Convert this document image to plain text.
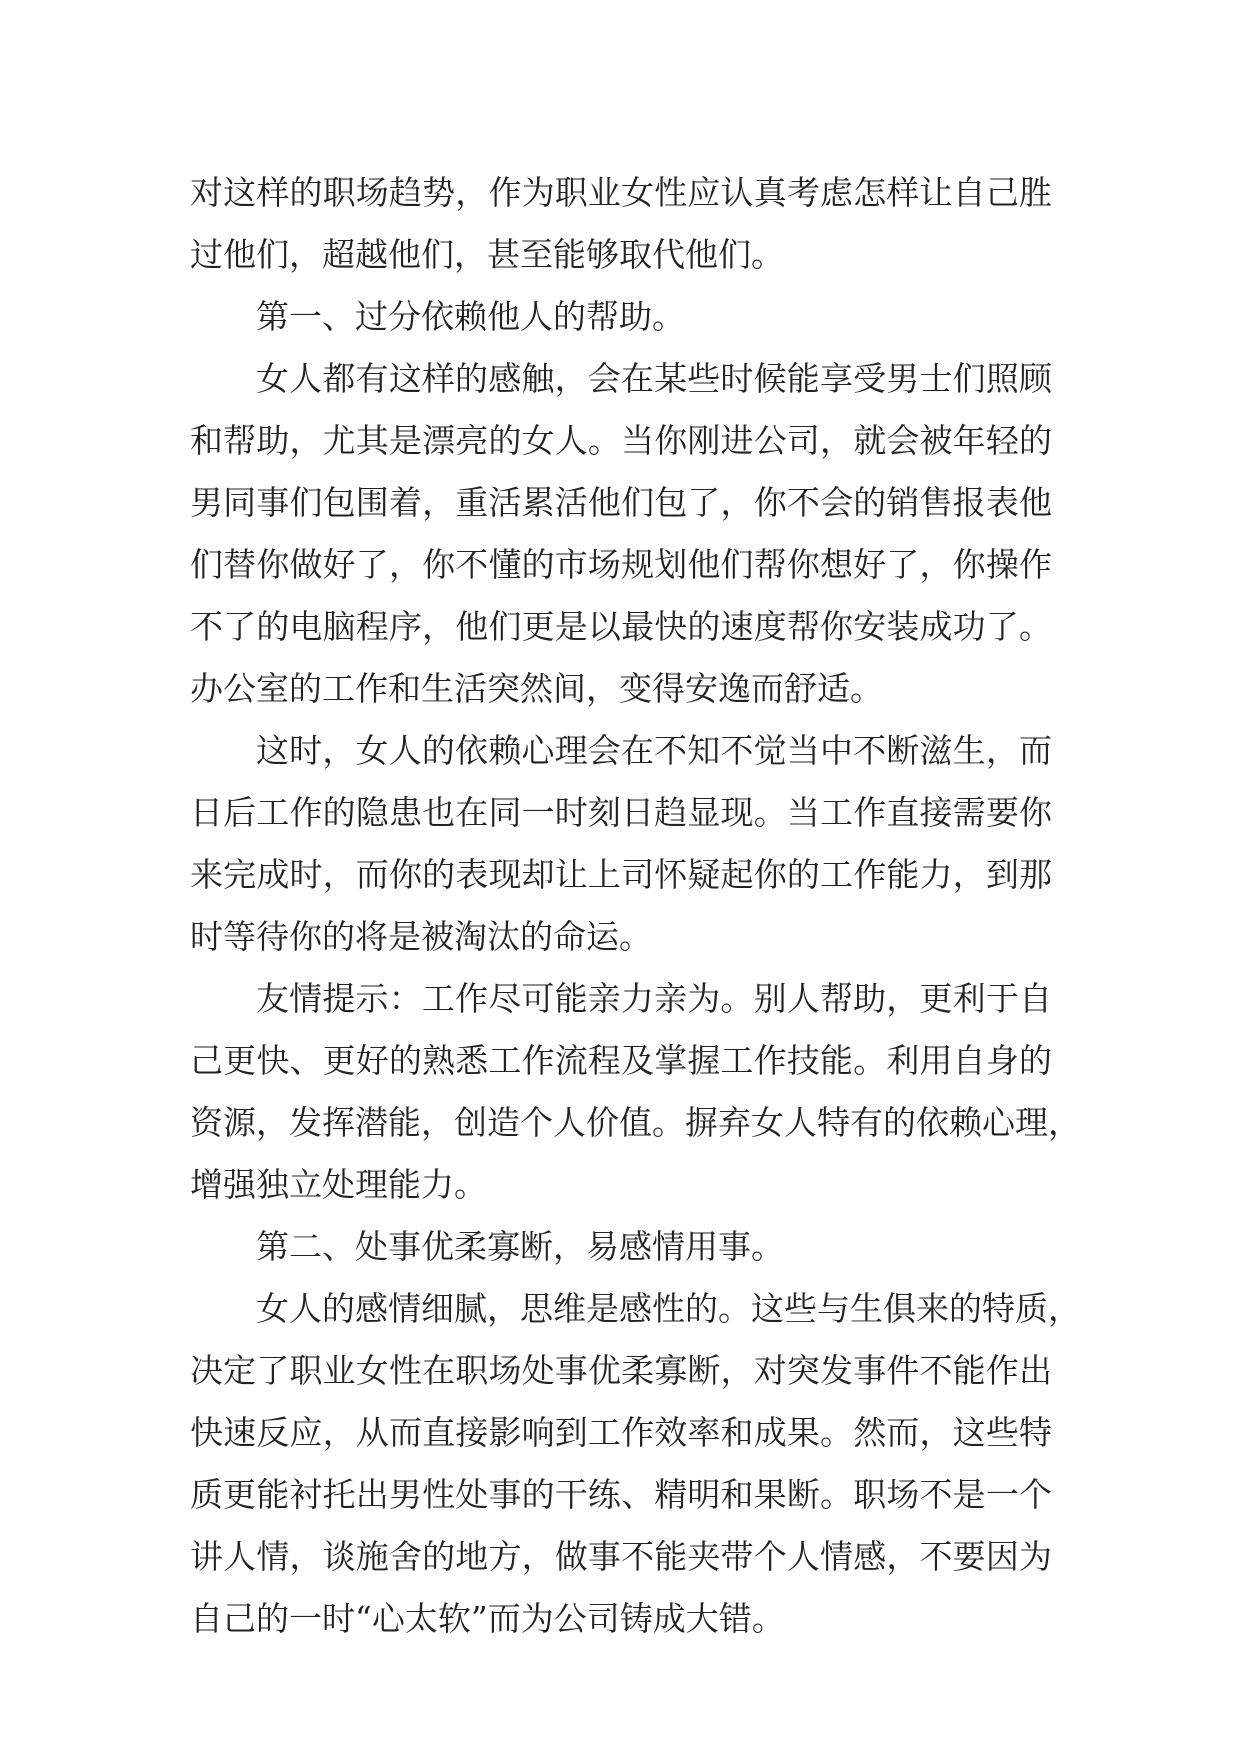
对这样的职场趋势，作为职业女性应认真考虑怎样让自己胜
过他们，超越他们，甚至能够取代他们。
第一、过分依赖他人的帮助。
女人都有这样的感触，会在某些时候能享受男士们照顾
和帮助，尤其是漂亮的女人。当你刚进公司，就会被年轻的
男同事们包围着，重活累活他们包了，你不会的销售报表他
们替你做好了，你不懂的市场规划他们帮你想好了，你操作
不了的电脑程序，他们更是以最快的速度帮你安装成功了。
办公室的工作和生活突然间，变得安逸而舒适。
这时，女人的依赖心理会在不知不觉当中不断滋生，而
日后工作的隐患也在同一时刻日趋显现。当工作直接需要你
来完成时，而你的表现却让上司怀疑起你的工作能力，到那
时等待你的将是被淘汰的命运。
友情提示：工作尽可能亲力亲为。别人帮助，更利于自
己更快、更好的熟悉工作流程及掌握工作技能。利用自身的
资源，发挥潜能，创造个人价值。摒弃女人特有的依赖心理，
增强独立处理能力。
第二、处事优柔寡断，易感情用事。
女人的感情细腻，思维是感性的。这些与生俱来的特质，
决定了职业女性在职场处事优柔寡断，对突发事件不能作出
快速反应，从而直接影响到工作效率和成果。然而，这些特
质更能衬托出男性处事的干练、精明和果断。职场不是一个
讲人情，谈施舍的地方，做事不能夹带个人情感，不要因为
自己的一时“心太软”而为公司铸成大错。
